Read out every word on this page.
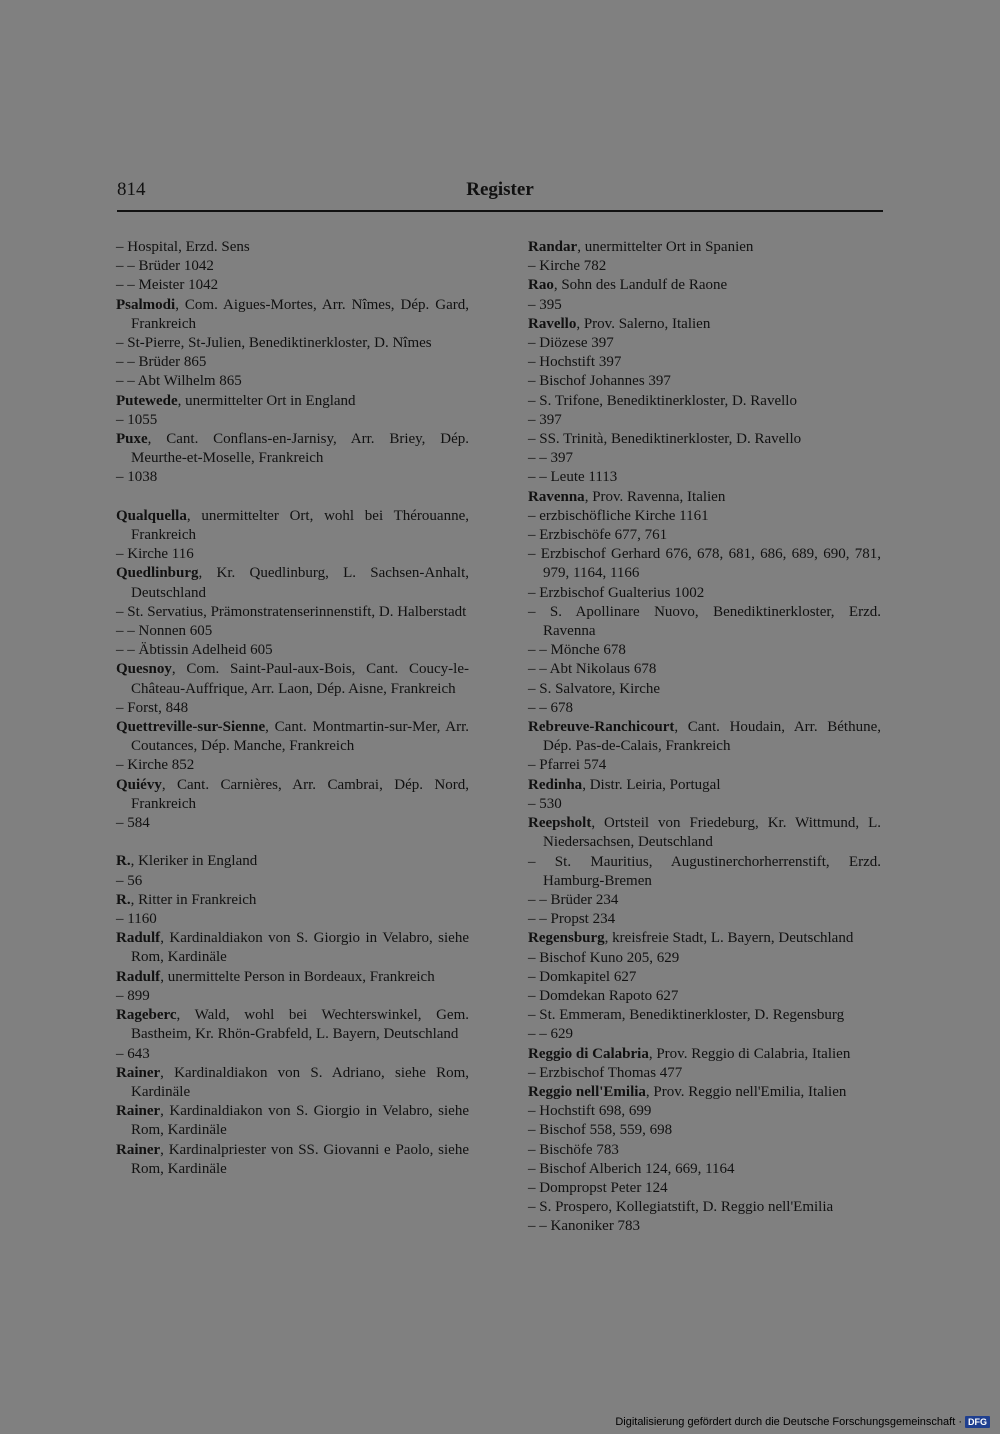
814	Register
– Hospital, Erzd. Sens
– – Brüder 1042
– – Meister 1042
Psalmodi, Com. Aigues-Mortes, Arr. Nîmes, Dép. Gard, Frankreich
– St-Pierre, St-Julien, Benediktinerkloster, D. Nîmes
– – Brüder 865
– – Abt Wilhelm 865
Putewede, unermittelter Ort in England
– 1055
Puxe, Cant. Conflans-en-Jarnisy, Arr. Briey, Dép. Meurthe-et-Moselle, Frankreich
– 1038
Qualquella, unermittelter Ort, wohl bei Thérouanne, Frankreich
– Kirche 116
Quedlinburg, Kr. Quedlinburg, L. Sachsen-Anhalt, Deutschland
– St. Servatius, Prämonstratenserinnenstift, D. Halberstadt
– – Nonnen 605
– – Äbtissin Adelheid 605
Quesnoy, Com. Saint-Paul-aux-Bois, Cant. Coucy-le-Château-Auffrique, Arr. Laon, Dép. Aisne, Frankreich
– Forst, 848
Quettreville-sur-Sienne, Cant. Montmartin-sur-Mer, Arr. Coutances, Dép. Manche, Frankreich
– Kirche 852
Quiévy, Cant. Carnières, Arr. Cambrai, Dép. Nord, Frankreich
– 584
R., Kleriker in England
– 56
R., Ritter in Frankreich
– 1160
Radulf, Kardinaldiakon von S. Giorgio in Velabro, siehe Rom, Kardinäle
Radulf, unermittelte Person in Bordeaux, Frankreich
– 899
Rageberc, Wald, wohl bei Wechterswinkel, Gem. Bastheim, Kr. Rhön-Grabfeld, L. Bayern, Deutschland
– 643
Rainer, Kardinaldiakon von S. Adriano, siehe Rom, Kardinäle
Rainer, Kardinaldiakon von S. Giorgio in Velabro, siehe Rom, Kardinäle
Rainer, Kardinalpriester von SS. Giovanni e Paolo, siehe Rom, Kardinäle
Randar, unermittelter Ort in Spanien
– Kirche 782
Rao, Sohn des Landulf de Raone
– 395
Ravello, Prov. Salerno, Italien
– Diözese 397
– Hochstift 397
– Bischof Johannes 397
– S. Trifone, Benediktinerkloster, D. Ravello
– 397
– SS. Trinità, Benediktinerkloster, D. Ravello
– – 397
– – Leute 1113
Ravenna, Prov. Ravenna, Italien
– erzbischöfliche Kirche 1161
– Erzbischöfe 677, 761
– Erzbischof Gerhard 676, 678, 681, 686, 689, 690, 781, 979, 1164, 1166
– Erzbischof Gualterius 1002
– S. Apollinare Nuovo, Benediktinerkloster, Erzd. Ravenna
– – Mönche 678
– – Abt Nikolaus 678
– S. Salvatore, Kirche
– – 678
Rebreuve-Ranchicourt, Cant. Houdain, Arr. Béthune, Dép. Pas-de-Calais, Frankreich
– Pfarrei 574
Redinha, Distr. Leiria, Portugal
– 530
Reepsholt, Ortsteil von Friedeburg, Kr. Wittmund, L. Niedersachsen, Deutschland
– St. Mauritius, Augustinerchorherrenstift, Erzd. Hamburg-Bremen
– – Brüder 234
– – Propst 234
Regensburg, kreisfreie Stadt, L. Bayern, Deutschland
– Bischof Kuno 205, 629
– Domkapitel 627
– Domdekan Rapoto 627
– St. Emmeram, Benediktinerkloster, D. Regensburg
– – 629
Reggio di Calabria, Prov. Reggio di Calabria, Italien
– Erzbischof Thomas 477
Reggio nell'Emilia, Prov. Reggio nell'Emilia, Italien
– Hochstift 698, 699
– Bischof 558, 559, 698
– Bischöfe 783
– Bischof Alberich 124, 669, 1164
– Dompropst Peter 124
– S. Prospero, Kollegiatstift, D. Reggio nell'Emilia
– – Kanoniker 783
Digitalisierung gefördert durch die Deutsche Forschungsgemeinschaft · DFG
